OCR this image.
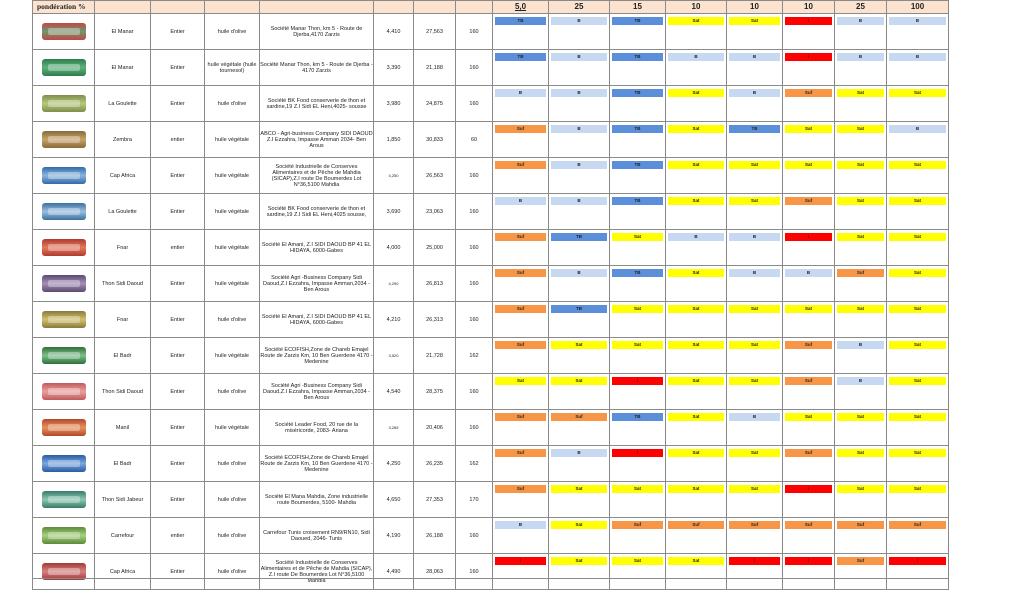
pondération %								5,0	25	15	10	10	10	25	100

	El Manar	Entier	huile d'olive	Société Manar Thon, km 5 - Route de Djerba,4170 Zarzis	4,410	27,563	160	TB	B	TB	Sat	Sat	I	B	B

	El Manar	Entier	huile végétale (huile tournesol)	Société Manar Thon, km 5 - Route de Djerba - 4170 Zarzis	3,390	21,188	160	TB	B	TB	B	B	I	B	B

	La Goulette	Entier	huile d'olive	Société BK Food conserverie de thon et sardine,19 Z.I Sidi EL Heni,4025- sousse	3,980	24,875	160	B	B	TB	Sat	B	Suf	Sat	Sat

	Zembra	entier	huile végétale	ABCO - Agri-business Company SIDI DAOUD Z.I Ezzahra, Impasse Amman 2034- Ben Arous	1,850	30,833	60	Suf	B	TB	Sat	TB	Sat	Sat	B

	Cap Africa	Entier	huile végétale	Société Industrielle de Conserves Alimentaires et de Pêche de Mahdia (SICAP),Z.I route De Boumerdes Lot N°36,5100 Mahdia	4,250	26,563	160	Suf	B	TB	Sat	Sat	Sat	Sat	Sat

	La Goulette	Entier	huile végétale	Société BK Food conserverie de thon et sardine,19 Z.I Sidi EL Heni,4025 sousse,	3,690	23,063	160	B	B	TB	Sat	Sat	Suf	Sat	Sat

	Fnar	entier	huile végétale	Société El Amani, Z.I SIDI DAOUD BP 41 EL HIDAYA, 6000-Gabes	4,000	25,000	160	Suf	TB	Sat	B	B	I	Sat	Sat

	Thon Sidi Daoud	Entier	huile végétale	Société Agri -Business Company Sidi Daoud,Z.I Ezzahra, Impasse Amman,2034 -Ben Arous	4,290	26,813	160	Suf	B	TB	Sat	B	B	Suf	Sat

	Fnar	Entier	huile d'olive	Société El Amani, Z.I SIDI DAOUD BP 41 EL HIDAYA, 6000-Gabes	4,210	26,313	160	Suf	TB	Sat	Sat	Sat	Sat	Sat	Sat

	El Badr	Entier	huile végétale	Société ECOFISH,Zone de Chareb Emajel Route de Zarzis Km, 10 Ben Guerdene 4170 - Medenine	3,520	21,728	162	Suf	Sat	Sat	Sat	Sat	Suf	B	Sat

	Thon Sidi Daoud	Entier	huile d'olive	Société Agri -Business Company Sidi Daoud,Z.I Ezzahra, Impasse Amman,2034 -Ben Arous	4,540	28,375	160	Sat	Sat	I	Sat	Sat	Suf	B	Sat

	Manil	Entier	huile végétale	Société Leader Food, 20 rue de la miséricorde, 2083- Ariana	3,265	20,406	160	Suf	Suf	TB	Sat	B	Sat	Sat	Sat

	El Badr	Entier	huile d'olive	Société ECOFISH,Zone de Chareb Emajel Route de Zarzis Km, 10 Ben Guerdene 4170 - Medenine	4,250	26,235	162	Suf	B	I	Sat	Sat	Suf	Sat	Sat

	Thon Sidi Jabeur	Entier	huile d'olive	Société El Mana Mahdia, Zone industrielle route Boumerdes, 5100- Mahdia	4,650	27,353	170	Suf	Sat	Sat	Sat	Sat	I	Sat	Sat

	Carrefour	entier	huile d'olive	Carrefour Tunis croisement RN9/RN10, Sidi Daoued, 2046- Tunis	4,190	26,188	160	B	Sat	Suf	Suf	Suf	Suf	Suf	Suf

	Cap Africa	Entier	huile d'olive	Société Industrielle de Conserves Alimentaires et de Pêche de Mahdia (SICAP), Z.I route De Boumerdes Lot N°36,5100 Mahdia	4,490	28,063	160	I	Sat	Sat	Sat	I	I	Suf	I
